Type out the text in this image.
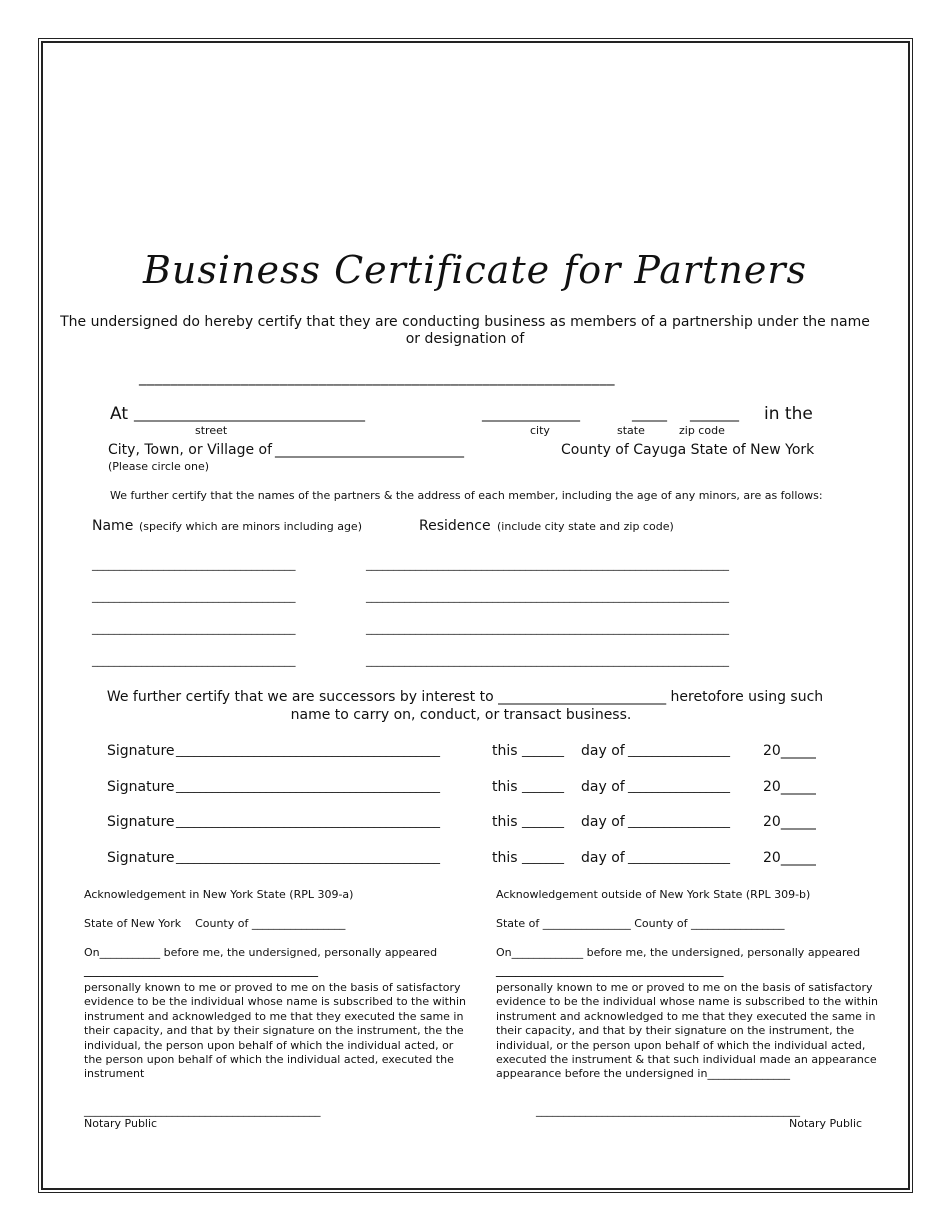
Business Certificate for Partners
The undersigned do hereby certify that they are conducting business as members of a partnership under the name or designation of
_____________________________________________________________
At _________________________________	______________	_____ _______ in the
street	city	state	zip code
City, Town, or Village of ___________________________	County of Cayuga State of New York
(Please circle one)
We further certify that the names of the partners & the address of each member, including the age of any minors, are as follows:
Name (specify which are minors including age)	Residence (include city state and zip code)
_____________________________________	__________________________________________________________________
_____________________________________	__________________________________________________________________
_____________________________________	__________________________________________________________________
_____________________________________	__________________________________________________________________
We further certify that we are successors by interest to ________________________ heretofore using such
name to carry on, conduct, or transact business.
Signature ____________________________________________	this _______ day of _________________ 20_____
Signature ____________________________________________	this _______ day of _________________ 20_____
Signature ____________________________________________	this _______ day of _________________ 20_____
Signature ____________________________________________	this _______ day of _________________ 20_____
Acknowledgement in New York State (RPL 309-a)
State of New York    County of _________________
On___________ before me, the undersigned, personally appeared
____________________________________
personally known to me or proved to me on the basis of satisfactory evidence to be the individual whose name is subscribed to the within instrument and acknowledged to me that they executed the same in their capacity, and that by their signature on the instrument, the the individual, the person upon behalf of which the individual acted, or the person upon behalf of which the individual acted, executed the instrument
___________________________________________
Notary Public
Acknowledgement outside of New York State (RPL 309-b)
State of ________________ County of _________________
On_____________ before me, the undersigned, personally appeared
___________________________________
personally known to me or proved to me on the basis of satisfactory evidence to be the individual whose name is subscribed to the within instrument and acknowledged to me that they executed the same in their capacity, and that by their signature on the instrument, the individual, or the person upon behalf of which the individual acted, executed the instrument & that such individual made an appearance appearance before the undersigned in_______________
________________________________________________
Notary Public
